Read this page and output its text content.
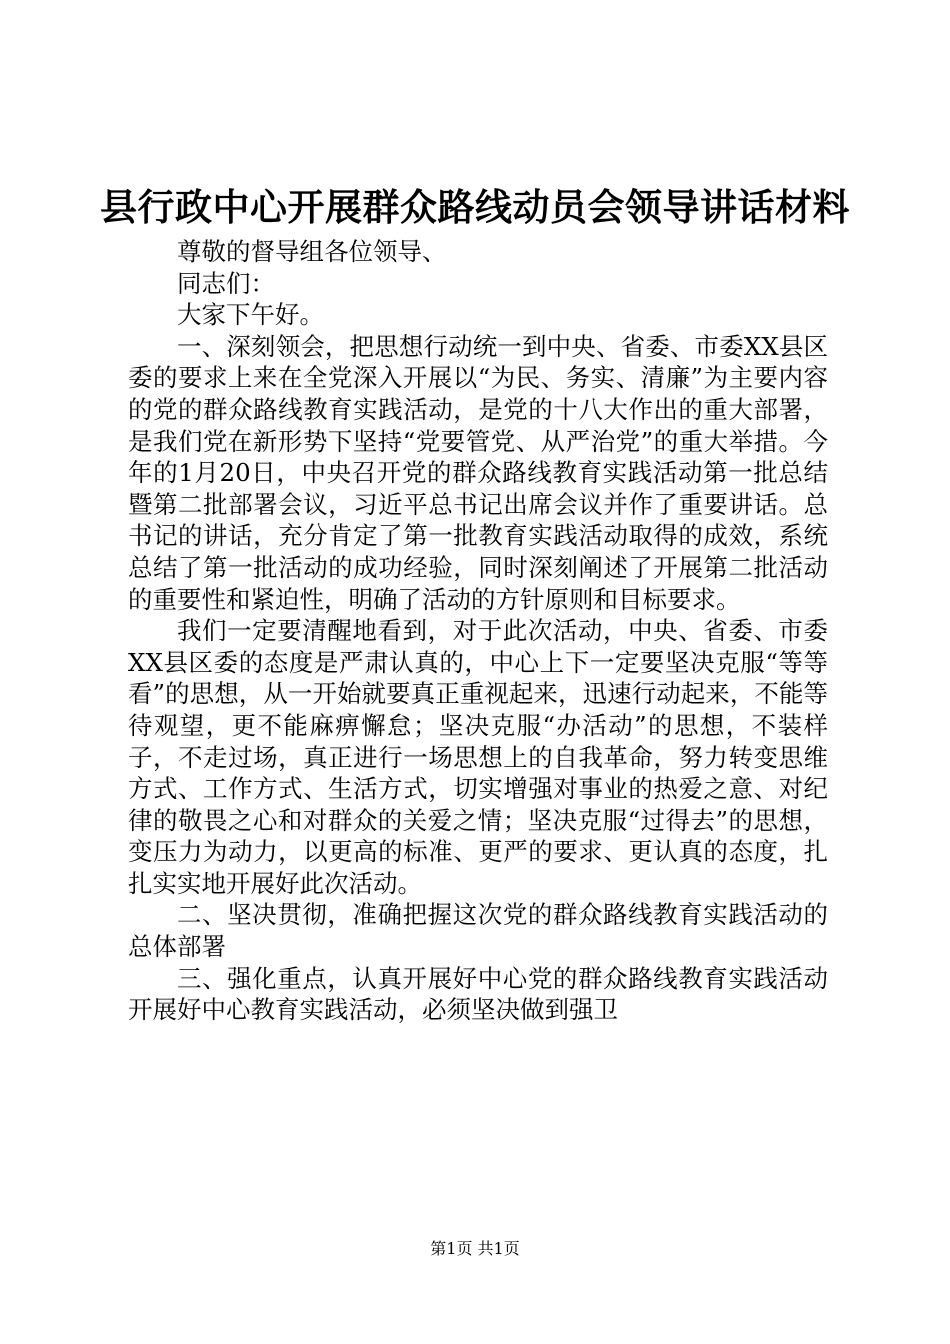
县行政中心开展群众路线动员会领导讲话材料

尊敬的督导组各位领导、

同志们：

大家下午好。

一、深刻领会，把思想行动统一到中央、省委、市委XX县区委的要求上来在全党深入开展以“为民、务实、清廉”为主要内容的党的群众路线教育实践活动，是党的十八大作出的重大部署，是我们党在新形势下坚持“党要管党、从严治党”的重大举措。今年的1月20日，中央召开党的群众路线教育实践活动第一批总结暨第二批部署会议，习近平总书记出席会议并作了重要讲话。总书记的讲话，充分肯定了第一批教育实践活动取得的成效，系统总结了第一批活动的成功经验，同时深刻阐述了开展第二批活动的重要性和紧迫性，明确了活动的方针原则和目标要求。

我们一定要清醒地看到，对于此次活动，中央、省委、市委XX县区委的态度是严肃认真的，中心上下一定要坚决克服“等等看”的思想，从一开始就要真正重视起来，迅速行动起来，不能等待观望，更不能麻痹懈怠；坚决克服“办活动”的思想，不装样子，不走过场，真正进行一场思想上的自我革命，努力转变思维方式、工作方式、生活方式，切实增强对事业的热爱之意、对纪律的敬畏之心和对群众的关爱之情；坚决克服“过得去”的思想，变压力为动力，以更高的标准、更严的要求、更认真的态度，扎扎实实地开展好此次活动。

二、坚决贯彻，准确把握这次党的群众路线教育实践活动的总体部署

三、强化重点，认真开展好中心党的群众路线教育实践活动开展好中心教育实践活动，必须坚决做到强卫

第1页 共1页
